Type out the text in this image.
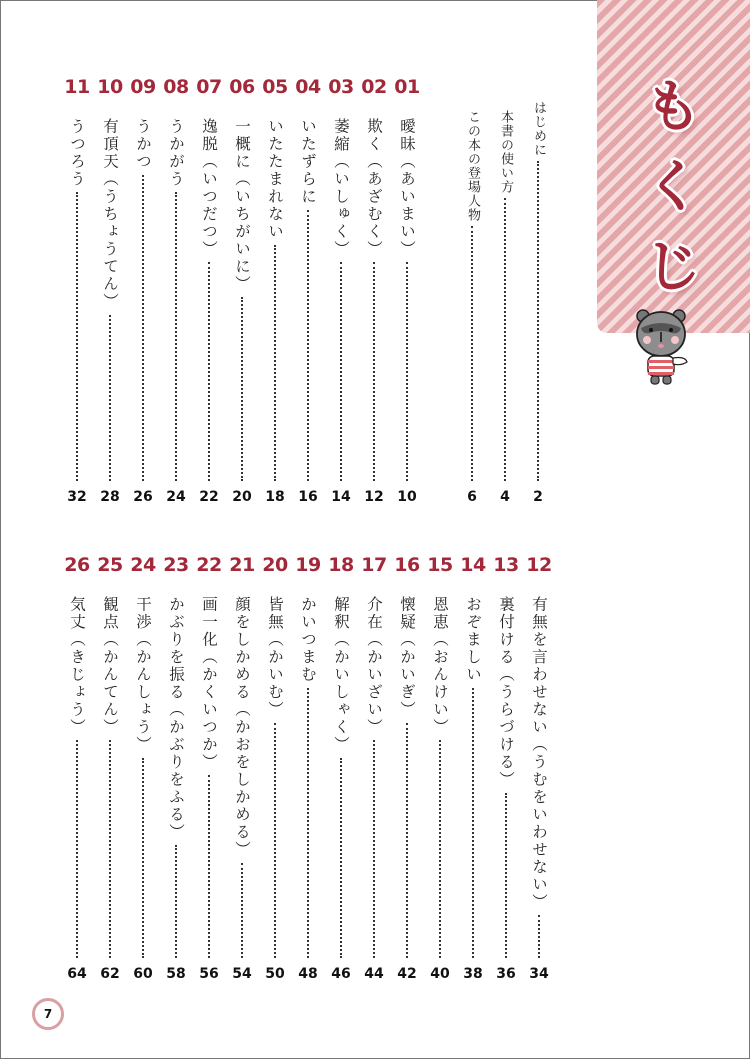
も
く
じ
はじめに
2
本書の使い方
4
この本の登場人物
6
01
曖昧（あいまい）
10
02
欺く（あざむく）
12
03
萎縮（いしゅく）
14
04
いたずらに
16
05
いたたまれない
18
06
一概に（いちがいに）
20
07
逸脱（いつだつ）
22
08
うかがう
24
09
うかつ
26
10
有頂天（うちょうてん）
28
11
うつろう
32
12
有無を言わせない（うむをいわせない）
34
13
裏付ける（うらづける）
36
14
おぞましい
38
15
恩恵（おんけい）
40
16
懐疑（かいぎ）
42
17
介在（かいざい）
44
18
解釈（かいしゃく）
46
19
かいつまむ
48
20
皆無（かいむ）
50
21
顔をしかめる（かおをしかめる）
54
22
画一化（かくいつか）
56
23
かぶりを振る（かぶりをふる）
58
24
干渉（かんしょう）
60
25
観点（かんてん）
62
26
気丈（きじょう）
64
7
